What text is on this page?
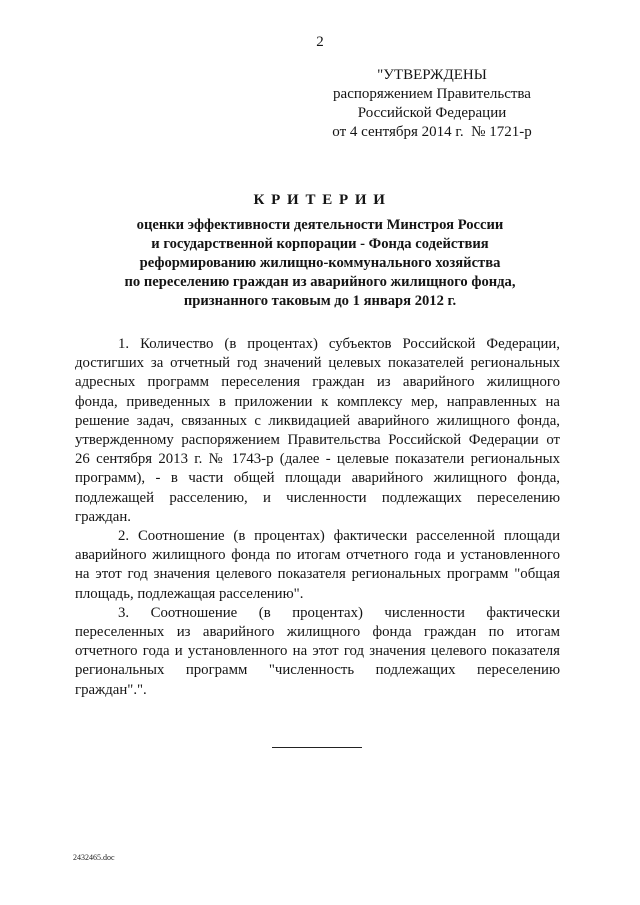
2
"УТВЕРЖДЕНЫ
распоряжением Правительства
Российской Федерации
от 4 сентября 2014 г.  № 1721-р
К Р И Т Е Р И И
оценки эффективности деятельности Минстроя России
и государственной корпорации - Фонда содействия
реформированию жилищно-коммунального хозяйства
по переселению граждан из аварийного жилищного фонда,
признанного таковым до 1 января 2012 г.
1. Количество (в процентах) субъектов Российской Федерации,
достигших за отчетный год значений целевых показателей региональных
адресных программ переселения граждан из аварийного жилищного
фонда, приведенных в приложении к комплексу мер, направленных на
решение задач, связанных с ликвидацией аварийного жилищного фонда,
утвержденному распоряжением Правительства Российской Федерации от
26 сентября 2013 г. № 1743-р (далее - целевые показатели региональных
программ), - в части общей площади аварийного жилищного фонда,
подлежащей расселению, и численности подлежащих переселению
граждан.
2. Соотношение (в процентах) фактически расселенной площади
аварийного жилищного фонда по итогам отчетного года и установленного
на этот год значения целевого показателя региональных программ "общая
площадь, подлежащая расселению".
3. Соотношение (в процентах) численности фактически
переселенных из аварийного жилищного фонда граждан по итогам
отчетного года и установленного на этот год значения целевого показателя
региональных программ "численность подлежащих переселению
граждан".".
2432465.doc
